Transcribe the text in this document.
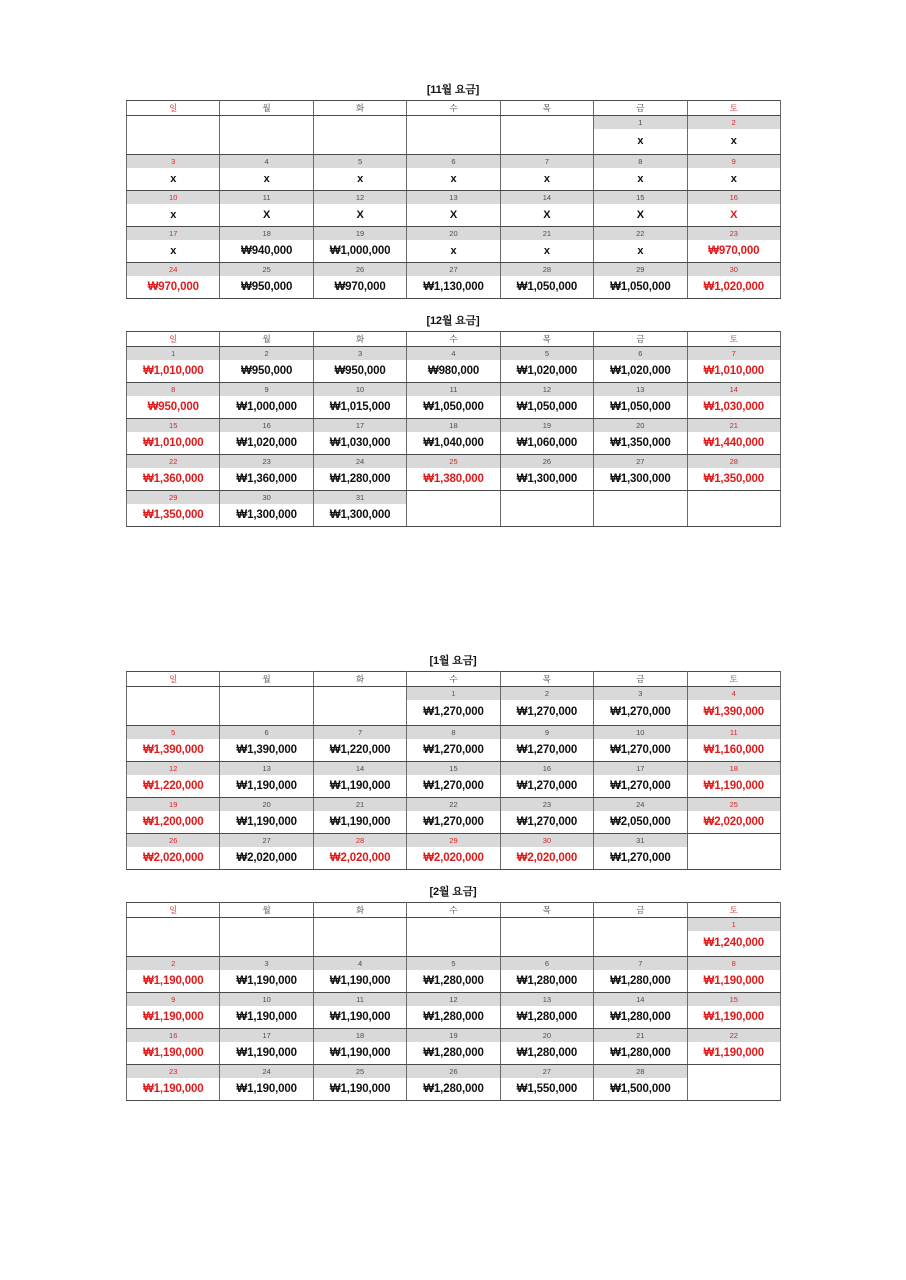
[11월 요금]
일	월	화	수	목	금	토
					1	2
					x	x
3	4	5	6	7	8	9
x	x	x	x	x	x	x
10	11	12	13	14	15	16
x	X	X	X	X	X	X
17	18	19	20	21	22	23
x	₩940,000	₩1,000,000	x	x	x	₩970,000
24	25	26	27	28	29	30
₩970,000	₩950,000	₩970,000	₩1,130,000	₩1,050,000	₩1,050,000	₩1,020,000
[12월 요금]
일	월	화	수	목	금	토
1	2	3	4	5	6	7
₩1,010,000	₩950,000	₩950,000	₩980,000	₩1,020,000	₩1,020,000	₩1,010,000
8	9	10	11	12	13	14
₩950,000	₩1,000,000	₩1,015,000	₩1,050,000	₩1,050,000	₩1,050,000	₩1,030,000
15	16	17	18	19	20	21
₩1,010,000	₩1,020,000	₩1,030,000	₩1,040,000	₩1,060,000	₩1,350,000	₩1,440,000
22	23	24	25	26	27	28
₩1,360,000	₩1,360,000	₩1,280,000	₩1,380,000	₩1,300,000	₩1,300,000	₩1,350,000
29	30	31				
₩1,350,000	₩1,300,000	₩1,300,000				
[1월 요금]
일	월	화	수	목	금	토
			1	2	3	4
			₩1,270,000	₩1,270,000	₩1,270,000	₩1,390,000
5	6	7	8	9	10	11
₩1,390,000	₩1,390,000	₩1,220,000	₩1,270,000	₩1,270,000	₩1,270,000	₩1,160,000
12	13	14	15	16	17	18
₩1,220,000	₩1,190,000	₩1,190,000	₩1,270,000	₩1,270,000	₩1,270,000	₩1,190,000
19	20	21	22	23	24	25
₩1,200,000	₩1,190,000	₩1,190,000	₩1,270,000	₩1,270,000	₩2,050,000	₩2,020,000
26	27	28	29	30	31	
₩2,020,000	₩2,020,000	₩2,020,000	₩2,020,000	₩2,020,000	₩1,270,000	
[2월 요금]
일	월	화	수	목	금	토
						1
						₩1,240,000
2	3	4	5	6	7	8
₩1,190,000	₩1,190,000	₩1,190,000	₩1,280,000	₩1,280,000	₩1,280,000	₩1,190,000
9	10	11	12	13	14	15
₩1,190,000	₩1,190,000	₩1,190,000	₩1,280,000	₩1,280,000	₩1,280,000	₩1,190,000
16	17	18	19	20	21	22
₩1,190,000	₩1,190,000	₩1,190,000	₩1,280,000	₩1,280,000	₩1,280,000	₩1,190,000
23	24	25	26	27	28	
₩1,190,000	₩1,190,000	₩1,190,000	₩1,280,000	₩1,550,000	₩1,500,000	
